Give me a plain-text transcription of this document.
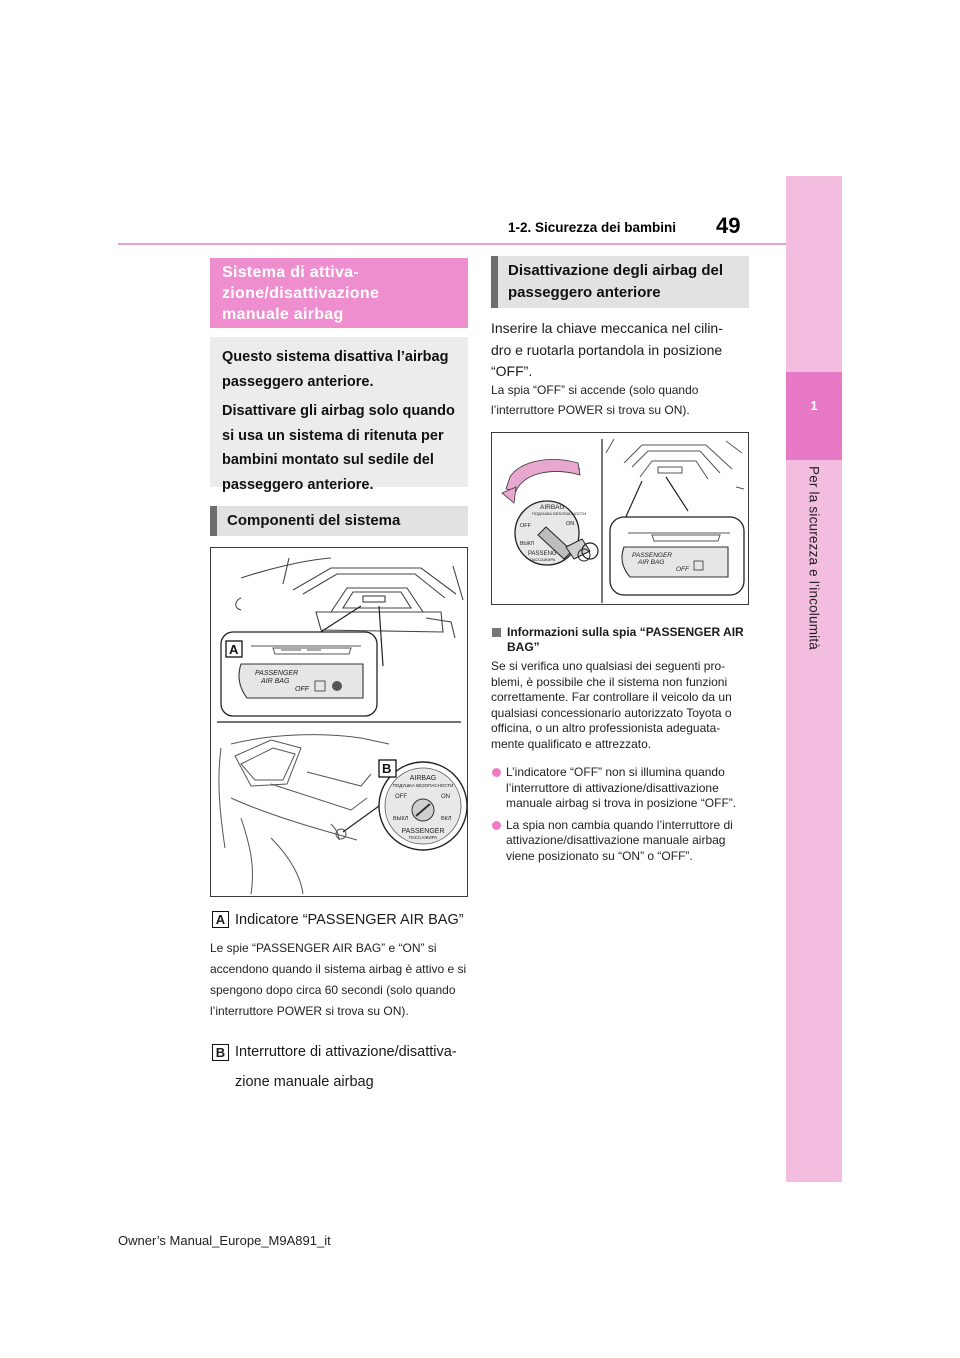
49
1-2. Sicurezza dei bambini
1
Per la sicurezza e l’incolumità
Sistema di attiva-
zione/disattivazione
manuale airbag

Questo sistema disattiva l’airbag passeggero anteriore.

Disattivare gli airbag solo quando si usa un sistema di ritenuta per bambini montato sul sedile del passeggero anteriore.

Componenti del sistema
PASSENGER
AIR BAG
OFF
A
AIRBAG
ПОДУШКА БЕЗОПАСНОСТИ
OFF	ON
ВЫКЛ	ВКЛ
PASSENGER
ПАССАЖИРА
B
A Indicatore “PASSENGER AIR BAG”
Le spie “PASSENGER AIR BAG” e “ON” si accendono quando il sistema airbag è attivo e si spengono dopo circa 60 secondi (solo quando l’interruttore POWER si trova su ON).
B Interruttore di attivazione/disattiva-
zione manuale airbag
Disattivazione degli airbag del passeggero anteriore
Inserire la chiave meccanica nel cilin-
dro e ruotarla portandola in posizione “OFF”.
La spia “OFF” si accende (solo quando l’interruttore POWER si trova su ON).
AIRBAG
ПОДУШКА БЕЗОПАСНОСТИ
OFF	ON
ВЫКЛ
PASSENG
ПАССАЖИРА
PASSENGER
AIR BAG
OFF
Informazioni sulla spia “PASSENGER AIR BAG”
Se si verifica uno qualsiasi dei seguenti pro-
blemi, è possibile che il sistema non funzioni correttamente. Far controllare il veicolo da un qualsiasi concessionario autorizzato Toyota o officina, o un altro professionista adeguata-
mente qualificato e attrezzato.
L’indicatore “OFF” non si illumina quando l’interruttore di attivazione/disattivazione manuale airbag si trova in posizione “OFF”.
La spia non cambia quando l’interruttore di attivazione/disattivazione manuale airbag viene posizionato su “ON” o “OFF”.
Owner’s Manual_Europe_M9A891_it
